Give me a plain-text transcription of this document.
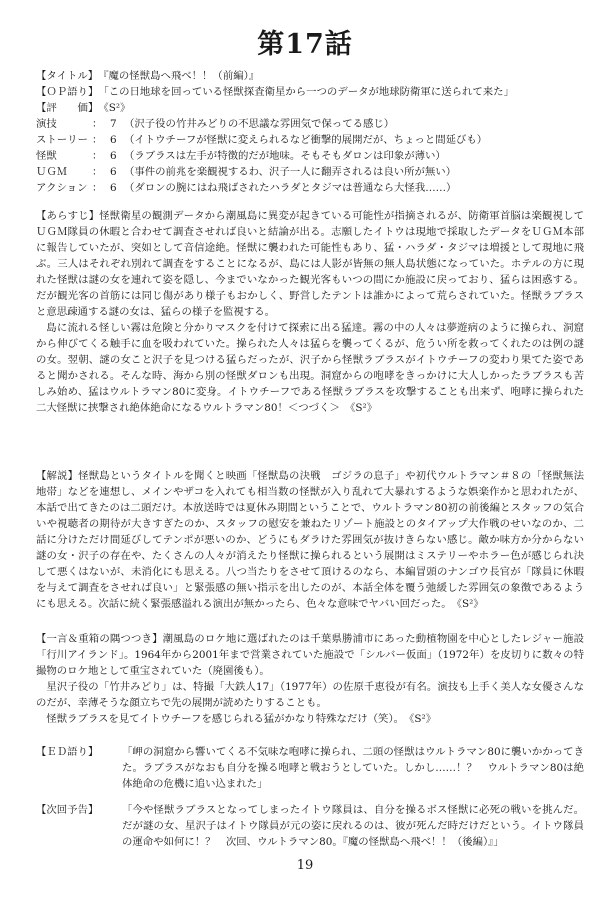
第17話
【タイトル】 『魔の怪獣島へ飛べ！！（前編）』
【ＯＰ語り】 「この日地球を回っている怪獣探査衛星から一つのデータが地球防衛軍に送られて来た」
【評　　価】 《S²》
演技	： 7 （沢子役の竹井みどりの不思議な雰囲気で保ってる感じ）
ストーリー ： 6 （イトウチーフが怪獣に変えられるなど衝撃的展開だが、ちょっと間延びも）
怪獣	： 6 （ラブラスは左手が特徴的だが地味。そもそもダロンは印象が薄い）
ＵＧＭ	： 6 （事件の前兆を楽観視するわ、沢子一人に翻弄されるは良い所が無い）
アクション ： 6 （ダロンの腕にはね飛ばされたハラダとタジマは普通なら大怪我……）

【あらすじ】怪獣衛星の観測データから潮風島に異変が起きている可能性が指摘されるが、防衛軍首脳は楽観視してＵＧＭ隊員の休暇と合わせて調査させれば良いと結論が出る。志願したイトウは現地で採取したデータをＵＧＭ本部に報告していたが、突如として音信途絶。怪獣に襲われた可能性もあり、猛・ハラダ・タジマは増援として現地に飛ぶ。三人はそれぞれ別れて調査をすることになるが、島には人影が皆無の無人島状態になっていた。ホテルの方に現れた怪獣は謎の女を連れて姿を隠し、今までいなかった観光客もいつの間にか施設に戻っており、猛らは困惑する。だが観光客の首筋には同じ傷があり様子もおかしく、野営したテントは誰かによって荒らされていた。怪獣ラブラスと意思疎通する謎の女は、猛らの様子を監視する。

島に流れる怪しい霧は危険と分かりマスクを付けて探索に出る猛達。霧の中の人々は夢遊病のように操られ、洞窟から伸びてくる触手に血を吸われていた。操られた人々は猛らを襲ってくるが、危うい所を救ってくれたのは例の謎の女。翌朝、謎の女こと沢子を見つける猛らだったが、沢子から怪獣ラブラスがイトウチーフの変わり果てた姿であると聞かされる。そんな時、海から別の怪獣ダロンも出現。洞窟からの咆哮をきっかけに大人しかったラブラスも苦しみ始め、猛はウルトラマン80に変身。イトウチーフである怪獣ラブラスを攻撃することも出来ず、咆哮に操られた二大怪獣に挟撃され絶体絶命になるウルトラマン80！＜つづく＞　《S²》

【解説】怪獣島というタイトルを聞くと映画「怪獣島の決戦　ゴジラの息子」や初代ウルトラマン＃８の「怪獣無法地帯」などを連想し、メインやザコを入れても相当数の怪獣が入り乱れて大暴れするような娯楽作かと思われたが、本話で出てきたのは二頭だけ。本放送時では夏休み期間ということで、ウルトラマン80初の前後編とスタッフの気合いや視聴者の期待が大きすぎたのか、スタッフの慰安を兼ねたリゾート施設とのタイアップ大作戦のせいなのか、二話に分けただけ間延びしてテンポが悪いのか、どうにもダラけた雰囲気が抜けきらない感じ。敵か味方か分からない謎の女・沢子の存在や、たくさんの人々が消えたり怪獣に操られるという展開はミステリーやホラー色が感じられ決して悪くはないが、未消化にも思える。八つ当たりをさせて頂けるのなら、本編冒頭のナンゴウ長官が「隊員に休暇を与えて調査をさせれば良い」と緊張感の無い指示を出したのが、本話全体を覆う弛緩した雰囲気の象徴であるようにも思える。次話に続く緊張感溢れる演出が無かったら、色々な意味でヤバい回だった。　《S²》

【一言＆重箱の隅つつき】潮風島のロケ地に選ばれたのは千葉県勝浦市にあった動植物園を中心としたレジャー施設「行川アイランド」。1964年から2001年まで営業されていた施設で「シルバー仮面」（1972年）を皮切りに数々の特撮物のロケ地として重宝されていた（廃園後も）。

星沢子役の「竹井みどり」は、特撮「大鉄人17」（1977年）の佐原千恵役が有名。演技も上手く美人な女優さんなのだが、幸薄そうな顔立ちで先の展開が読めたりすることも。

怪獣ラブラスを見てイトウチーフを感じられる猛がかなり特殊なだけ（笑）。　《S²》

【ＥＤ語り】	「岬の洞窟から響いてくる不気味な咆哮に操られ、二頭の怪獣はウルトラマン80に襲いかかってきた。ラブラスがなおも自分を操る咆哮と戦おうとしていた。しかし……！？　ウルトラマン80は絶体絶命の危機に追い込まれた」
【次回予告】	「今や怪獣ラブラスとなってしまったイトウ隊員は、自分を操るボス怪獣に必死の戦いを挑んだ。だが謎の女、星沢子はイトウ隊員が元の姿に戻れるのは、彼が死んだ時だけだという。イトウ隊員の運命や如何に！？　次回、ウルトラマン80。『魔の怪獣島へ飛べ！！（後編）』」
19
